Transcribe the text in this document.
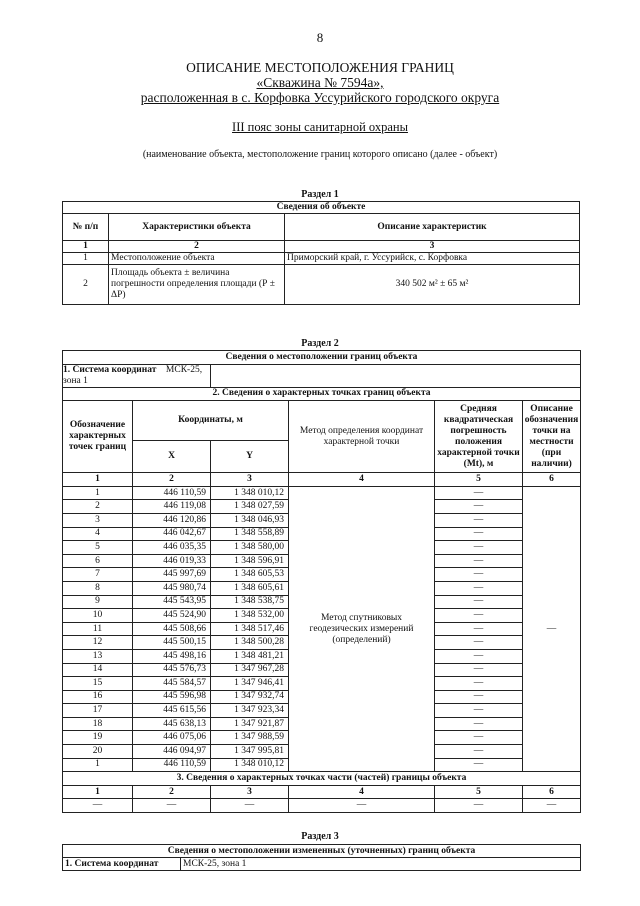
8
ОПИСАНИЕ МЕСТОПОЛОЖЕНИЯ ГРАНИЦ
«Скважина № 7594а»,
расположенная в с. Корфовка Уссурийского городского округа
III пояс зоны санитарной охраны
(наименование объекта, местоположение границ которого описано (далее - объект)
Раздел 1
Сведения об объекте		
№ п/п	Характеристики объекта	Описание характеристик
1	2	3
1	Местоположение объекта	Приморский край, г. Уссурийск, с. Корфовка
2	Площадь объекта ± величина погрешности определения площади (Р ± ΔР)	340 502 м² ± 65 м²
Раздел 2
Сведения о местоположении границ объекта					
1. Система координат МСК-25, зона 1					
2. Сведения о характерных точках границ объекта					
Обозначение характерных точек границ	Координаты, м		Метод определения координат характерной точки	Средняя квадратическая погрешность положения характерной точки (Mt), м	Описание обозначения точки на местности (при наличии)
	X	Y			
1	2	3	4	5	6
1	446 110,59	1 348 010,12	Метод спутниковых геодезических измерений (определений)	—	—
2	446 119,08	1 348 027,59		—	
3	446 120,86	1 348 046,93		—	
4	446 042,67	1 348 558,89		—	
5	446 035,35	1 348 580,00		—	
6	446 019,33	1 348 596,91		—	
7	445 997,69	1 348 605,53		—	
8	445 980,74	1 348 605,61		—	
9	445 543,95	1 348 538,75		—	
10	445 524,90	1 348 532,00		—	
11	445 508,66	1 348 517,46		—	
12	445 500,15	1 348 500,28		—	
13	445 498,16	1 348 481,21		—	
14	445 576,73	1 347 967,28		—	
15	445 584,57	1 347 946,41		—	
16	445 596,98	1 347 932,74		—	
17	445 615,56	1 347 923,34		—	
18	445 638,13	1 347 921,87		—	
19	446 075,06	1 347 988,59		—	
20	446 094,97	1 347 995,81		—	
1	446 110,59	1 348 010,12		—	
3. Сведения о характерных точках части (частей) границы объекта					
1	2	3	4	5	6
—	—	—	—	—	—
Раздел 3
Сведения о местоположении измененных (уточненных) границ объекта
1. Система координат	МСК-25, зона 1
